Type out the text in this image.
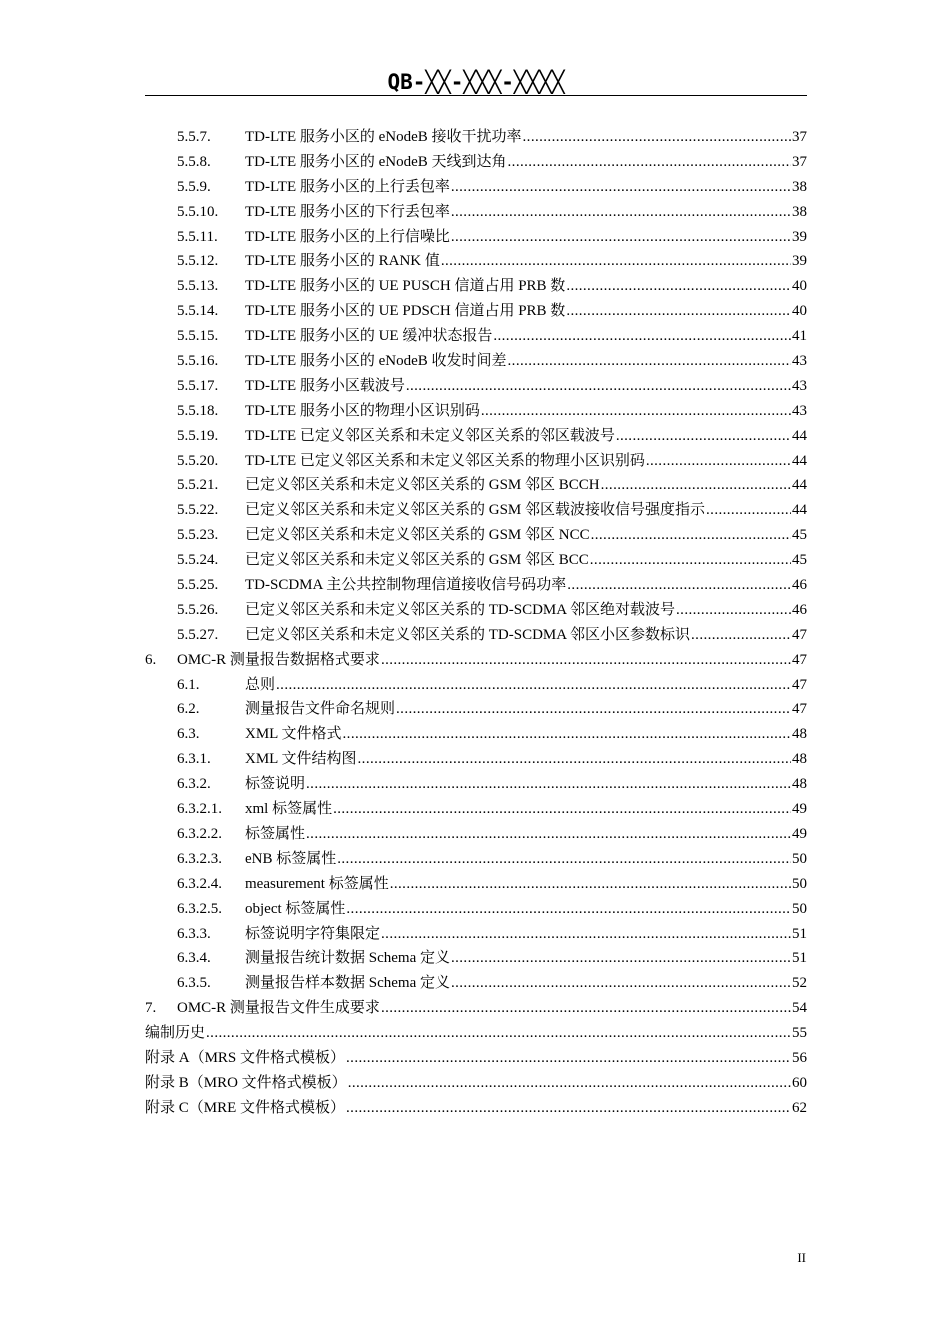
QB-╳╳-╳╳╳-╳╳╳╳
5.5.7.	TD-LTE 服务小区的 eNodeB 接收干扰功率 .....	37
5.5.8.	TD-LTE 服务小区的 eNodeB 天线到达角 .....	37
5.5.9.	TD-LTE 服务小区的上行丢包率 .....	38
5.5.10.	TD-LTE 服务小区的下行丢包率 .....	38
5.5.11.	TD-LTE 服务小区的上行信噪比 .....	39
5.5.12.	TD-LTE 服务小区的 RANK 值 .....	39
5.5.13.	TD-LTE 服务小区的 UE PUSCH 信道占用 PRB 数 .....	40
5.5.14.	TD-LTE 服务小区的 UE PDSCH 信道占用 PRB 数 .....	40
5.5.15.	TD-LTE 服务小区的 UE 缓冲状态报告 .....	41
5.5.16.	TD-LTE 服务小区的 eNodeB 收发时间差 .....	43
5.5.17.	TD-LTE 服务小区载波号 .....	43
5.5.18.	TD-LTE 服务小区的物理小区识别码 .....	43
5.5.19.	TD-LTE 已定义邻区关系和未定义邻区关系的邻区载波号 .....	44
5.5.20.	TD-LTE 已定义邻区关系和未定义邻区关系的物理小区识别码 .....	44
5.5.21.	已定义邻区关系和未定义邻区关系的 GSM 邻区 BCCH .....	44
5.5.22.	已定义邻区关系和未定义邻区关系的 GSM 邻区载波接收信号强度指示 .....	44
5.5.23.	已定义邻区关系和未定义邻区关系的 GSM 邻区 NCC .....	45
5.5.24.	已定义邻区关系和未定义邻区关系的 GSM 邻区 BCC .....	45
5.5.25.	TD-SCDMA 主公共控制物理信道接收信号码功率 .....	46
5.5.26.	已定义邻区关系和未定义邻区关系的 TD-SCDMA 邻区绝对载波号 .....	46
5.5.27.	已定义邻区关系和未定义邻区关系的 TD-SCDMA 邻区小区参数标识 .....	47
6.	OMC-R 测量报告数据格式要求 .....	47
6.1.	总则 .....	47
6.2.	测量报告文件命名规则 .....	47
6.3.	XML 文件格式 .....	48
6.3.1.	XML 文件结构图 .....	48
6.3.2.	标签说明 .....	48
6.3.2.1.	xml 标签属性 .....	49
6.3.2.2.	标签属性 .....	49
6.3.2.3.	eNB 标签属性 .....	50
6.3.2.4.	measurement 标签属性 .....	50
6.3.2.5.	object 标签属性 .....	50
6.3.3.	标签说明字符集限定 .....	51
6.3.4.	测量报告统计数据 Schema 定义 .....	51
6.3.5.	测量报告样本数据 Schema 定义 .....	52
7.	OMC-R 测量报告文件生成要求 .....	54
编制历史 .....	55
附录 A（MRS 文件格式模板） .....	56
附录 B（MRO 文件格式模板） .....	60
附录 C（MRE 文件格式模板） .....	62
II
